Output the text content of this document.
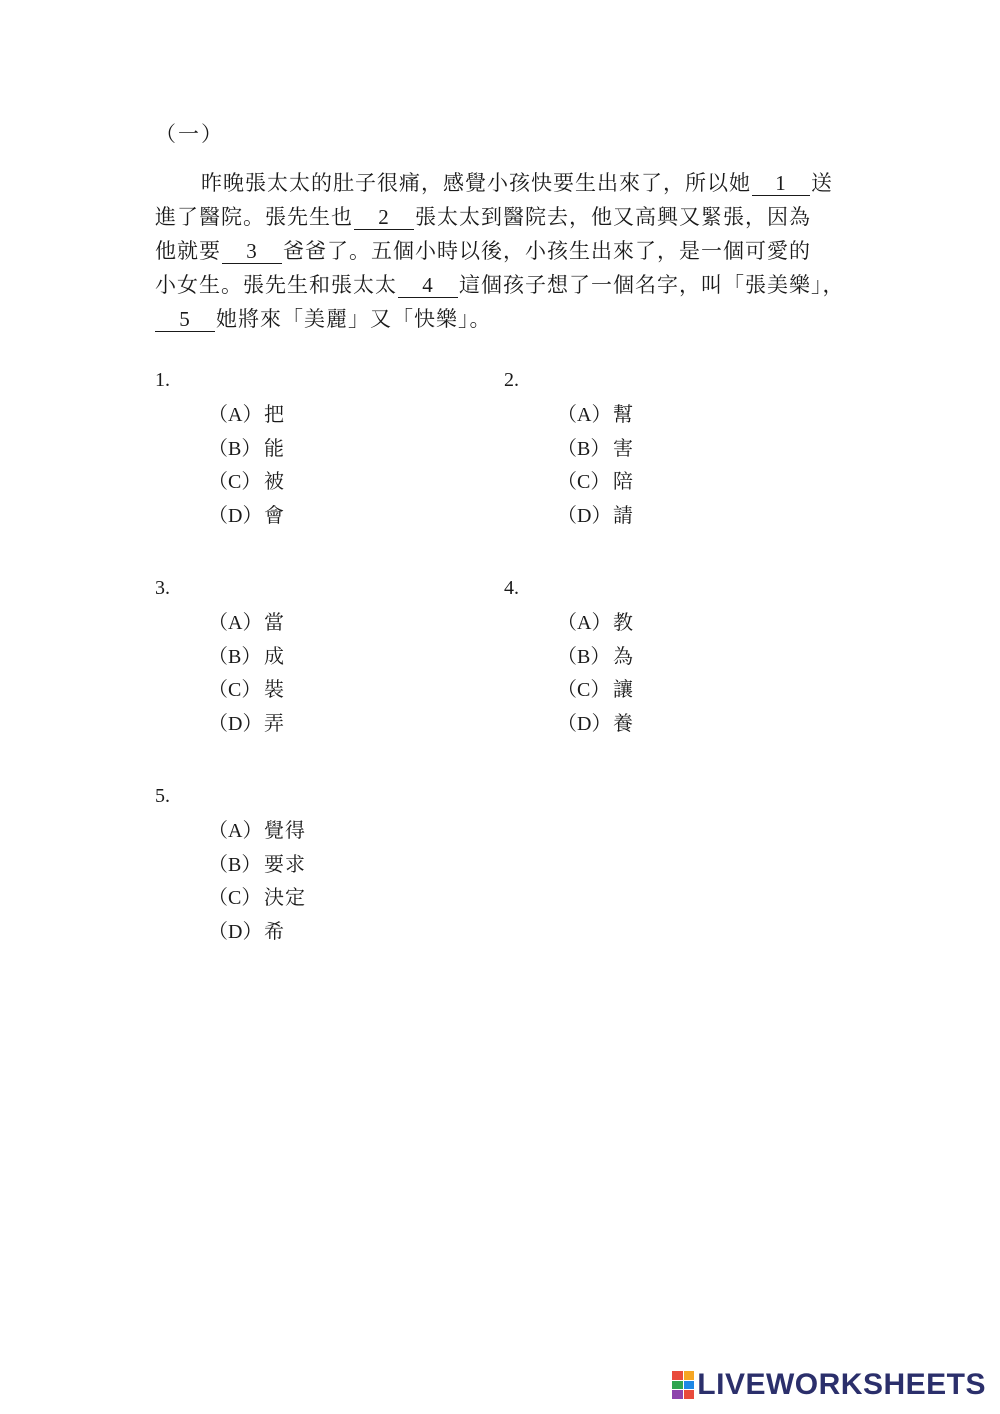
（一）
昨晚張太太的肚子很痛，感覺小孩快要生出來了，所以她 1 送
進了醫院。張先生也 2 張太太到醫院去，他又高興又緊張，因為
他就要 3 爸爸了。五個小時以後，小孩生出來了，是一個可愛的
小女生。張先生和張太太 4 這個孩子想了一個名字，叫「張美樂」，
5 她將來「美麗」又「快樂」。
1.
（A）把
（B） 能
（C） 被
（D）會
2.
（A）幫
（B） 害
（C） 陪
（D）請
3.
（A）當
（B） 成
（C） 裝
（D）弄
4.
（A）教
（B） 為
（C） 讓
（D）養
5.
（A）覺得
（B） 要求
（C） 決定
（D）希
LIVEWORKSHEETS
